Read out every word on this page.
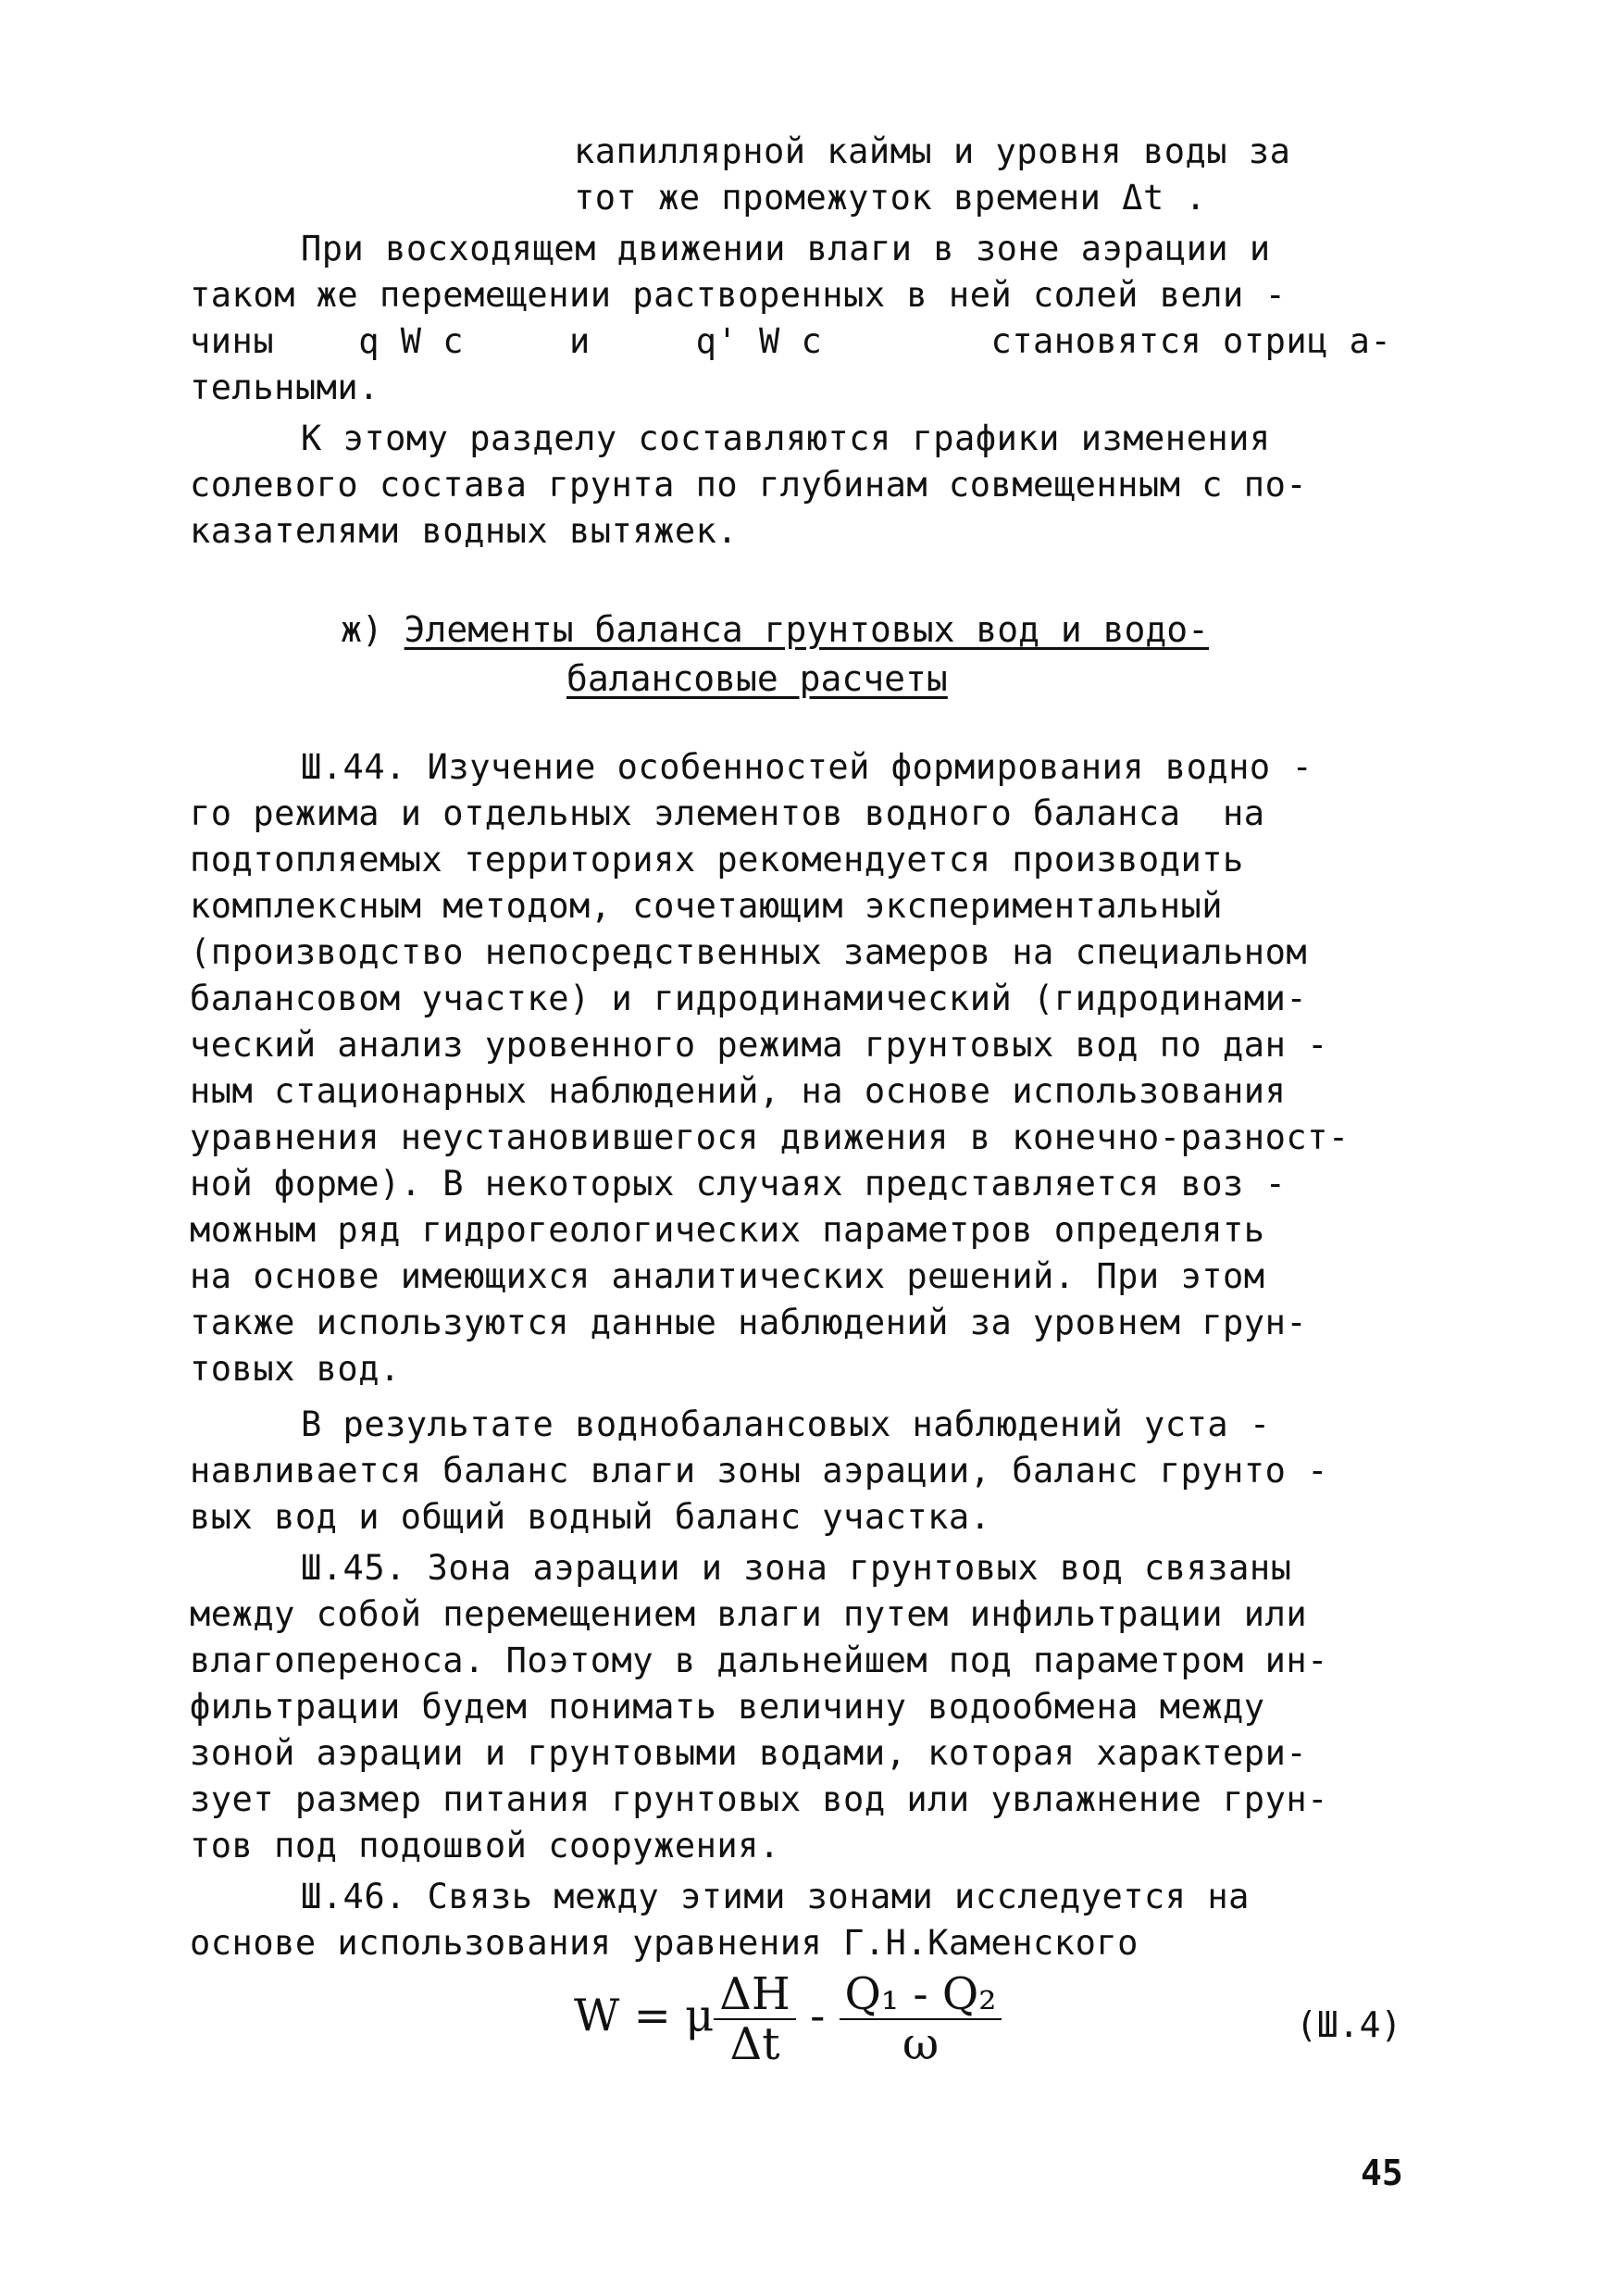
капиллярной каймы и уровня воды за
тот же промежуток времени Δt .
При восходящем движении влаги в зоне аэрации и
таком же перемещении растворенных в ней солей вели -
чины    q W c     и     q' W c        становятся отриц а-
тельными.
К этому разделу составляются графики изменения
солевого состава грунта по глубинам совмещенным с по-
казателями водных вытяжек.
ж) Элементы баланса грунтовых вод и водо-
балансовые расчеты
Ш.44. Изучение особенностей формирования водно -
го режима и отдельных элементов водного баланса  на
подтопляемых территориях рекомендуется производить
комплексным методом, сочетающим экспериментальный
(производство непосредственных замеров на специальном
балансовом участке) и гидродинамический (гидродинами-
ческий анализ уровенного режима грунтовых вод по дан -
ным стационарных наблюдений, на основе использования
уравнения неустановившегося движения в конечно-разност-
ной форме). В некоторых случаях представляется воз -
можным ряд гидрогеологических параметров определять
на основе имеющихся аналитических решений. При этом
также используются данные наблюдений за уровнем грун-
товых вод.
В результате воднобалансовых наблюдений уста -
навливается баланс влаги зоны аэрации, баланс грунто -
вых вод и общий водный баланс участка.
Ш.45. Зона аэрации и зона грунтовых вод связаны
между собой перемещением влаги путем инфильтрации или
влагопереноса. Поэтому в дальнейшем под параметром ин-
фильтрации будем понимать величину водообмена между
зоной аэрации и грунтовыми водами, которая характери-
зует размер питания грунтовых вод или увлажнение грун-
тов под подошвой сооружения.
Ш.46. Связь между этими зонами исследуется на
основе использования уравнения Г.Н.Каменского
W = μ $\frac{\Delta H}{\Delta t} - \frac{\text{Q₁ - Q₂}}{\omega}$	(Ш.4)
45
